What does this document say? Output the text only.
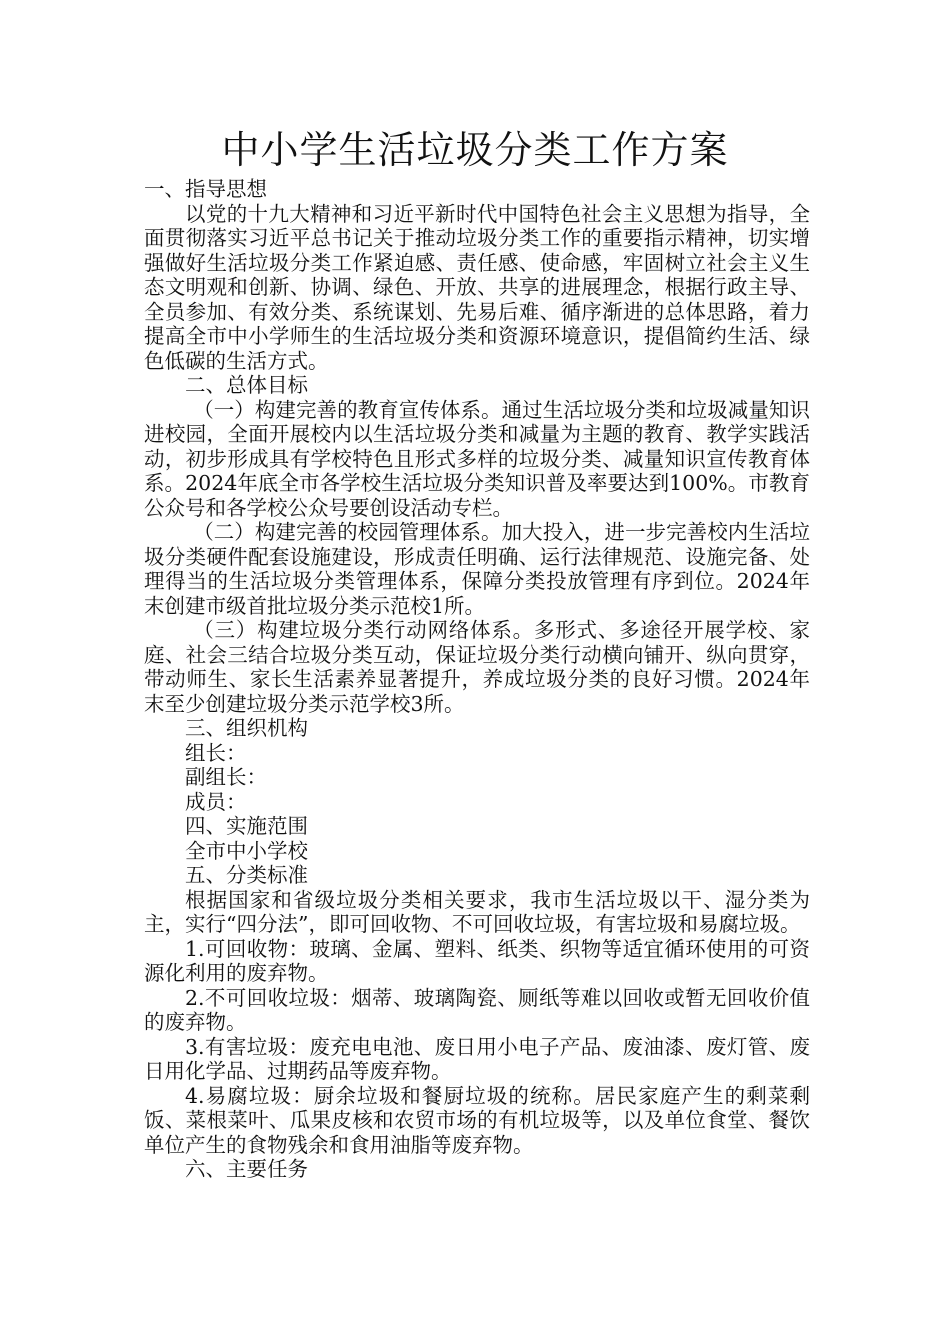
中小学生活垃圾分类工作方案

一、指导思想

以党的十九大精神和习近平新时代中国特色社会主义思想为指导，全面贯彻落实习近平总书记关于推动垃圾分类工作的重要指示精神，切实增强做好生活垃圾分类工作紧迫感、责任感、使命感，牢固树立社会主义生态文明观和创新、协调、绿色、开放、共享的进展理念，根据行政主导、全员参加、有效分类、系统谋划、先易后难、循序渐进的总体思路，着力提高全市中小学师生的生活垃圾分类和资源环境意识，提倡简约生活、绿色低碳的生活方式。

二、总体目标

（一）构建完善的教育宣传体系。通过生活垃圾分类和垃圾减量知识进校园，全面开展校内以生活垃圾分类和减量为主题的教育、教学实践活动，初步形成具有学校特色且形式多样的垃圾分类、减量知识宣传教育体系。2024年底全市各学校生活垃圾分类知识普及率要达到100%。市教育公众号和各学校公众号要创设活动专栏。

（二）构建完善的校园管理体系。加大投入，进一步完善校内生活垃圾分类硬件配套设施建设，形成责任明确、运行法律规范、设施完备、处理得当的生活垃圾分类管理体系，保障分类投放管理有序到位。2024年末创建市级首批垃圾分类示范校1所。

（三）构建垃圾分类行动网络体系。多形式、多途径开展学校、家庭、社会三结合垃圾分类互动，保证垃圾分类行动横向铺开、纵向贯穿，带动师生、家长生活素养显著提升，养成垃圾分类的良好习惯。2024年末至少创建垃圾分类示范学校3所。

三、组织机构

组长：

副组长：

成员：

四、实施范围

全市中小学校

五、分类标准

根据国家和省级垃圾分类相关要求，我市生活垃圾以干、湿分类为主，实行“四分法”，即可回收物、不可回收垃圾，有害垃圾和易腐垃圾。

1.可回收物：玻璃、金属、塑料、纸类、织物等适宜循环使用的可资源化利用的废弃物。

2.不可回收垃圾：烟蒂、玻璃陶瓷、厕纸等难以回收或暂无回收价值的废弃物。

3.有害垃圾：废充电电池、废日用小电子产品、废油漆、废灯管、废日用化学品、过期药品等废弃物。

4.易腐垃圾：厨余垃圾和餐厨垃圾的统称。居民家庭产生的剩菜剩饭、菜根菜叶、瓜果皮核和农贸市场的有机垃圾等，以及单位食堂、餐饮单位产生的食物残余和食用油脂等废弃物。

六、主要任务
